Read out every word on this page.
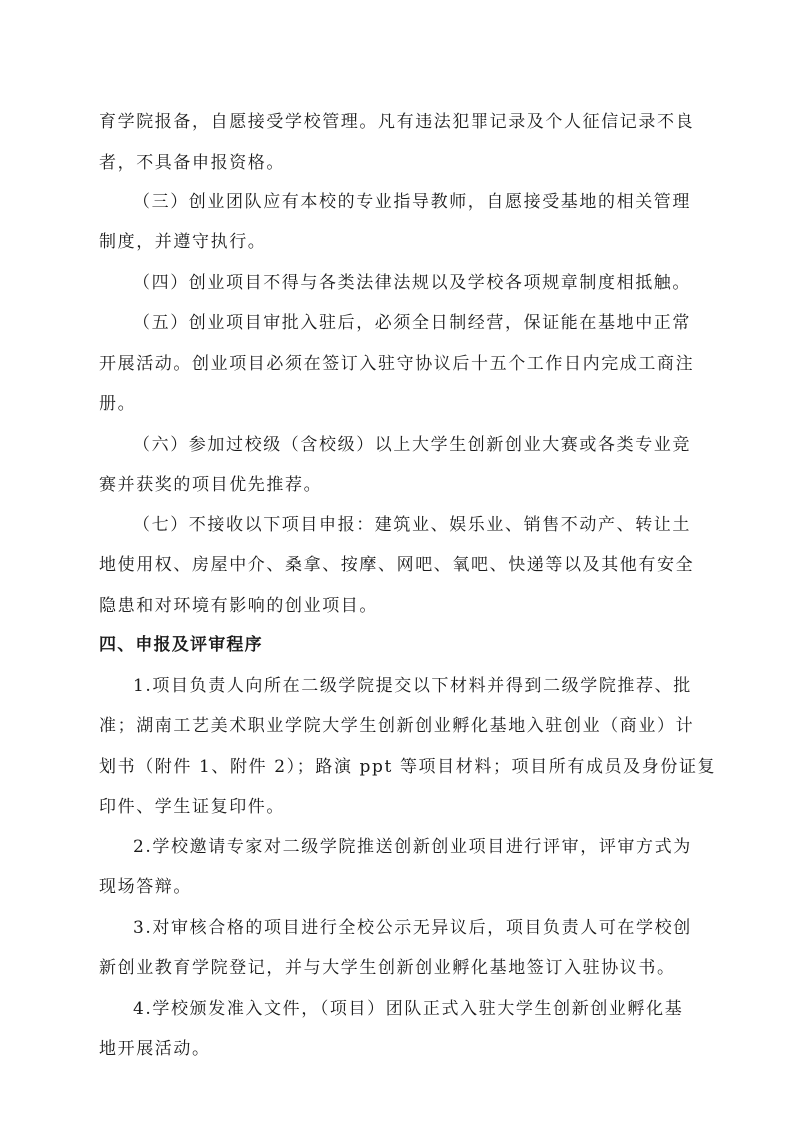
育学院报备，自愿接受学校管理。凡有违法犯罪记录及个人征信记录不良
者，不具备申报资格。
（三）创业团队应有本校的专业指导教师，自愿接受基地的相关管理
制度，并遵守执行。
（四）创业项目不得与各类法律法规以及学校各项规章制度相抵触。
（五）创业项目审批入驻后，必须全日制经营，保证能在基地中正常
开展活动。创业项目必须在签订入驻守协议后十五个工作日内完成工商注
册。
（六）参加过校级（含校级）以上大学生创新创业大赛或各类专业竞
赛并获奖的项目优先推荐。
（七）不接收以下项目申报：建筑业、娱乐业、销售不动产、转让土
地使用权、房屋中介、桑拿、按摩、网吧、氧吧、快递等以及其他有安全
隐患和对环境有影响的创业项目。
四、申报及评审程序
1.项目负责人向所在二级学院提交以下材料并得到二级学院推荐、批
准；湖南工艺美术职业学院大学生创新创业孵化基地入驻创业（商业）计
划书（附件 1、附件 2）；路演 ppt 等项目材料；项目所有成员及身份证复
印件、学生证复印件。
2.学校邀请专家对二级学院推送创新创业项目进行评审，评审方式为
现场答辩。
3.对审核合格的项目进行全校公示无异议后，项目负责人可在学校创
新创业教育学院登记，并与大学生创新创业孵化基地签订入驻协议书。
4.学校颁发准入文件，（项目）团队正式入驻大学生创新创业孵化基
地开展活动。
